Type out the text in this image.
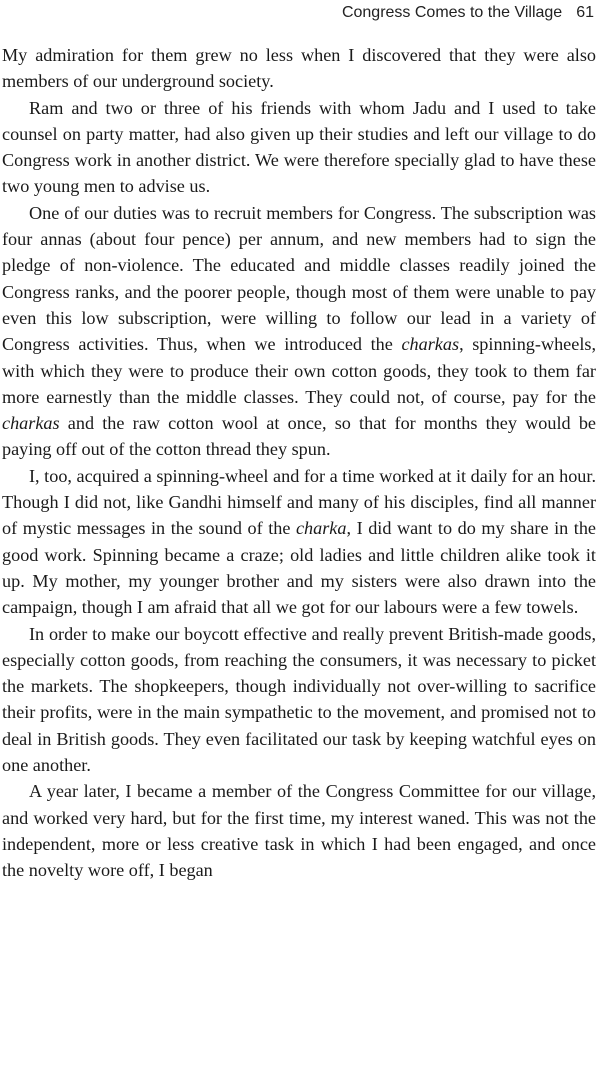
Congress Comes to the Village 61

My admiration for them grew no less when I discovered that they were also members of our underground society.

Ram and two or three of his friends with whom Jadu and I used to take counsel on party matter, had also given up their studies and left our village to do Congress work in another district. We were therefore specially glad to have these two young men to advise us.

One of our duties was to recruit members for Congress. The subscription was four annas (about four pence) per annum, and new members had to sign the pledge of non-violence. The educated and middle classes readily joined the Congress ranks, and the poorer people, though most of them were unable to pay even this low subscription, were willing to follow our lead in a variety of Congress activities. Thus, when we introduced the charkas, spinning-wheels, with which they were to produce their own cotton goods, they took to them far more earnestly than the middle classes. They could not, of course, pay for the charkas and the raw cotton wool at once, so that for months they would be paying off out of the cotton thread they spun.

I, too, acquired a spinning-wheel and for a time worked at it daily for an hour. Though I did not, like Gandhi himself and many of his disciples, find all manner of mystic messages in the sound of the charka, I did want to do my share in the good work. Spinning became a craze; old ladies and little children alike took it up. My mother, my younger brother and my sisters were also drawn into the campaign, though I am afraid that all we got for our labours were a few towels.

In order to make our boycott effective and really prevent British-made goods, especially cotton goods, from reaching the consumers, it was necessary to picket the markets. The shopkeepers, though individually not over-willing to sacrifice their profits, were in the main sympathetic to the movement, and promised not to deal in British goods. They even facilitated our task by keeping watchful eyes on one another.

A year later, I became a member of the Congress Committee for our village, and worked very hard, but for the first time, my interest waned. This was not the independent, more or less creative task in which I had been engaged, and once the novelty wore off, I began
